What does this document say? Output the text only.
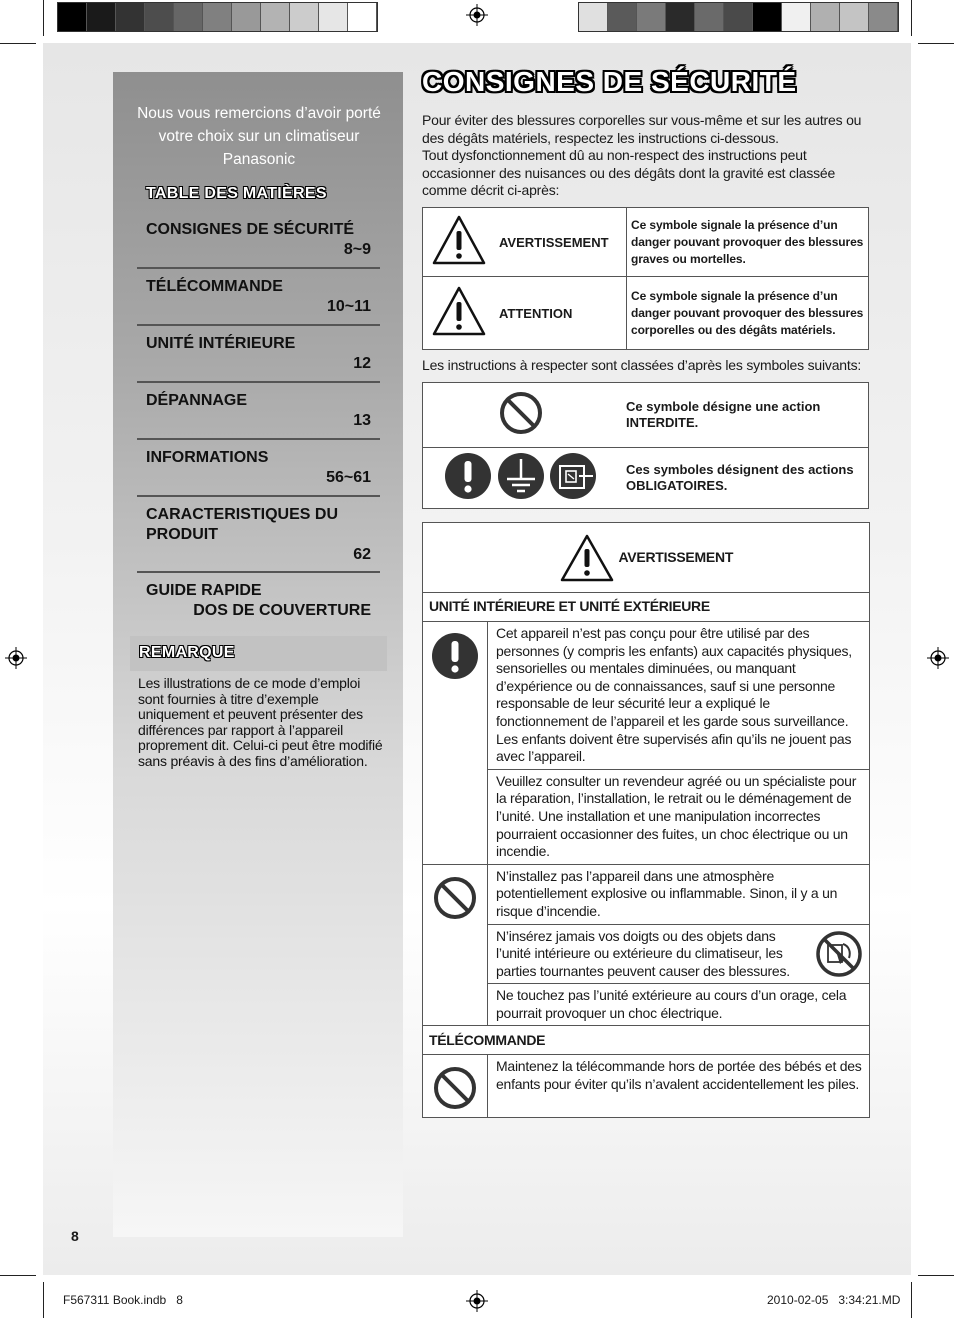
Nous vous remercions d’avoir porté votre choix sur un climatiseur Panasonic
TABLE DES MATIÈRES
CONSIGNES DE SÉCURITÉ
8~9
TÉLÉCOMMANDE
10~11
UNITÉ INTÉRIEURE
12
DÉPANNAGE
13
INFORMATIONS
56~61
CARACTERISTIQUES DU PRODUIT
62
GUIDE RAPIDE
DOS DE COUVERTURE
REMARQUE
Les illustrations de ce mode d’emploi sont fournies à titre d’exemple uniquement et peuvent présenter des différences par rapport à l’appareil proprement dit. Celui-ci peut être modifié sans préavis à des fins d’amélioration.
CONSIGNES DE SÉCURITÉ
Pour éviter des blessures corporelles sur vous-même et sur les autres ou des dégâts matériels, respectez les instructions ci-dessous.
Tout dysfonctionnement dû au non-respect des instructions peut occasionner des nuisances ou des dégâts dont la gravité est classée comme décrit ci-après:
	AVERTISSEMENT	Ce symbole signale la présence d’un danger pouvant provoquer des blessures graves ou mortelles.
	ATTENTION	Ce symbole signale la présence d’un danger pouvant provoquer des blessures corporelles ou des dégâts matériels.
Les instructions à respecter sont classées d’après les symboles suivants:
	Ce symbole désigne une action INTERDITE.
	Ces symboles désignent des actions OBLIGATOIRES.
AVERTISSEMENT	
UNITÉ INTÉRIEURE ET UNITÉ EXTÉRIEURE	
	Cet appareil n’est pas conçu pour être utilisé par des personnes (y compris les enfants) aux capacités physiques, sensorielles ou mentales diminuées, ou manquant d’expérience ou de connaissances, sauf si une personne responsable de leur sécurité leur a expliqué le fonctionnement de l’appareil et les garde sous surveillance. Les enfants doivent être supervisés afin qu’ils ne jouent pas avec l’appareil.
	Veuillez consulter un revendeur agréé ou un spécialiste pour la réparation, l’installation, le retrait ou le déménagement de l’unité. Une installation et une manipulation incorrectes pourraient occasionner des fuites, un choc électrique ou un incendie.
	N’installez pas l’appareil dans une atmosphère potentiellement explosive ou inflammable. Sinon, il y a un risque d’incendie.

	N’insérez jamais vos doigts ou des objets dans l’unité intérieure ou extérieure du climatiseur, les parties tournantes peuvent causer des blessures.

	Ne touchez pas l’unité extérieure au cours d’un orage, cela pourrait provoquer un choc électrique.
TÉLÉCOMMANDE	
	Maintenez la télécommande hors de portée des bébés et des enfants pour éviter qu’ils n’avalent accidentellement les piles.
8
F567311 Book.indb   8	2010-02-05   3:34:21.MD
